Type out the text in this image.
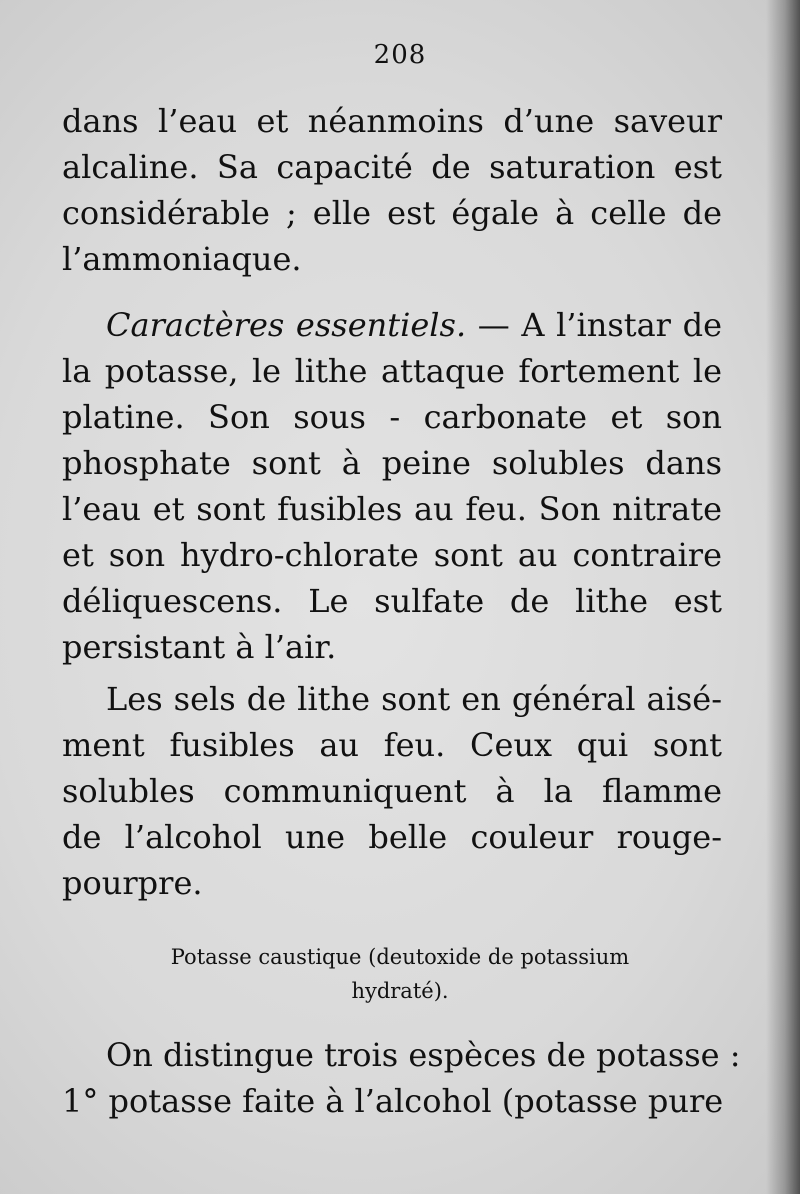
208
dans l’eau et néanmoins d’une saveur
alcaline. Sa capacité de saturation est
considérable ; elle est égale à celle de
l’ammoniaque.
Caractères essentiels. — A l’instar de
la potasse, le lithe attaque fortement le
platine. Son sous - carbonate et son
phosphate sont à peine solubles dans
l’eau et sont fusibles au feu. Son nitrate
et son hydro-chlorate sont au contraire
déliquescens. Le sulfate de lithe est
persistant à l’air.
Les sels de lithe sont en général aisé-
ment fusibles au feu. Ceux qui sont
solubles communiquent à la flamme
de l’alcohol une belle couleur rouge-
pourpre.
Potasse caustique (deutoxide de potassium
hydraté).
On distingue trois espèces de potasse :
1° potasse faite à l’alcohol (potasse pure
